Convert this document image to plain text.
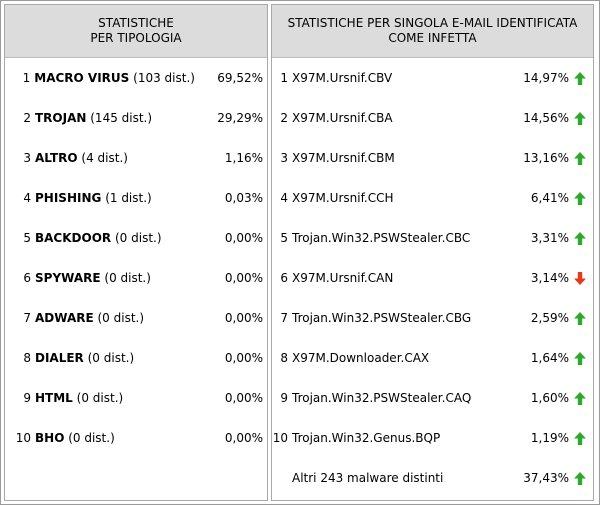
STATISTICHE
PER TIPOLOGIA
1 MACRO VIRUS (103 dist.)	69,52%
2 TROJAN (145 dist.)	29,29%
3 ALTRO (4 dist.)	1,16%
4 PHISHING (1 dist.)	0,03%
5 BACKDOOR (0 dist.)	0,00%
6 SPYWARE (0 dist.)	0,00%
7 ADWARE (0 dist.)	0,00%
8 DIALER (0 dist.)	0,00%
9 HTML (0 dist.)	0,00%
10 BHO (0 dist.)	0,00%
STATISTICHE PER SINGOLA E-MAIL IDENTIFICATA
COME INFETTA
1 X97M.Ursnif.CBV	14,97%
2 X97M.Ursnif.CBA	14,56%
3 X97M.Ursnif.CBM	13,16%
4 X97M.Ursnif.CCH	6,41%
5 Trojan.Win32.PSWStealer.CBC	3,31%
6 X97M.Ursnif.CAN	3,14%
7 Trojan.Win32.PSWStealer.CBG	2,59%
8 X97M.Downloader.CAX	1,64%
9 Trojan.Win32.PSWStealer.CAQ	1,60%
10 Trojan.Win32.Genus.BQP	1,19%
Altri 243 malware distinti	37,43%
